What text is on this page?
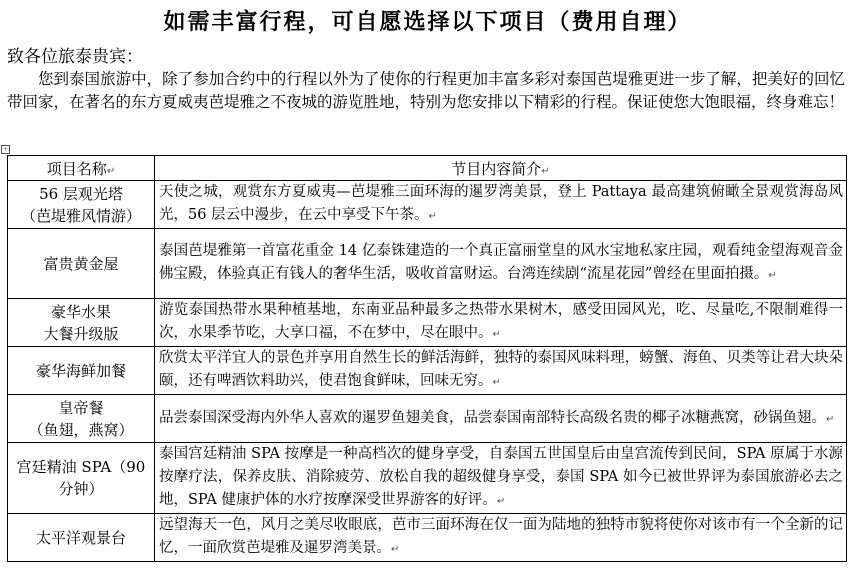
如需丰富行程，可自愿选择以下项目（费用自理）
致各位旅泰贵宾：
您到泰国旅游中，除了参加合约中的行程以外为了使你的行程更加丰富多彩对泰国芭堤雅更进一步了解，把美好的回忆带回家，在著名的东方夏威夷芭堤雅之不夜城的游览胜地，特别为您安排以下精彩的行程。保证使您大饱眼福，终身难忘！
+
项目名称↵	节目内容简介↵

56 层观光塔
（芭堤雅风情游）	天使之城，观赏东方夏威夷—芭堤雅三面环海的暹罗湾美景，登上 Pattaya 最高建筑俯瞰全景观赏海岛风光，56 层云中漫步，在云中享受下午茶。↵

富贵黄金屋	泰国芭堤雅第一首富花重金 14 亿泰铢建造的一个真正富丽堂皇的风水宝地私家庄园，观看纯金望海观音金佛宝殿，体验真正有钱人的奢华生活，吸收首富财运。台湾连续剧“流星花园”曾经在里面拍摄。↵

豪华水果
大餐升级版	游览泰国热带水果种植基地，东南亚品种最多之热带水果树木，感受田园风光，吃、尽量吃,不限制难得一次，水果季节吃，大享口福，不在梦中，尽在眼中。↵

豪华海鲜加餐	欣赏太平洋宜人的景色并享用自然生长的鲜活海鲜，独特的泰国风味料理，螃蟹、海鱼、贝类等让君大块朵颐，还有啤酒饮料助兴，使君饱食鲜味，回味无穷。↵

皇帝餐
（鱼翅，燕窝）	品尝泰国深受海内外华人喜欢的暹罗鱼翅美食，品尝泰国南部特长高级名贵的椰子冰糖燕窝，砂锅鱼翅。↵

宫廷精油 SPA（90
分钟）	泰国宫廷精油 SPA 按摩是一种高档次的健身享受，自泰国五世国皇后由皇宫流传到民间，SPA 原属于水源按摩疗法，保养皮肤、消除疲劳、放松自我的超级健身享受，泰国 SPA 如今已被世界评为泰国旅游必去之地，SPA 健康护体的水疗按摩深受世界游客的好评。↵

太平洋观景台	远望海天一色，风月之美尽收眼底，芭市三面环海在仅一面为陆地的独特市貌将使你对该市有一个全新的记忆，一面欣赏芭堤雅及暹罗湾美景。↵
